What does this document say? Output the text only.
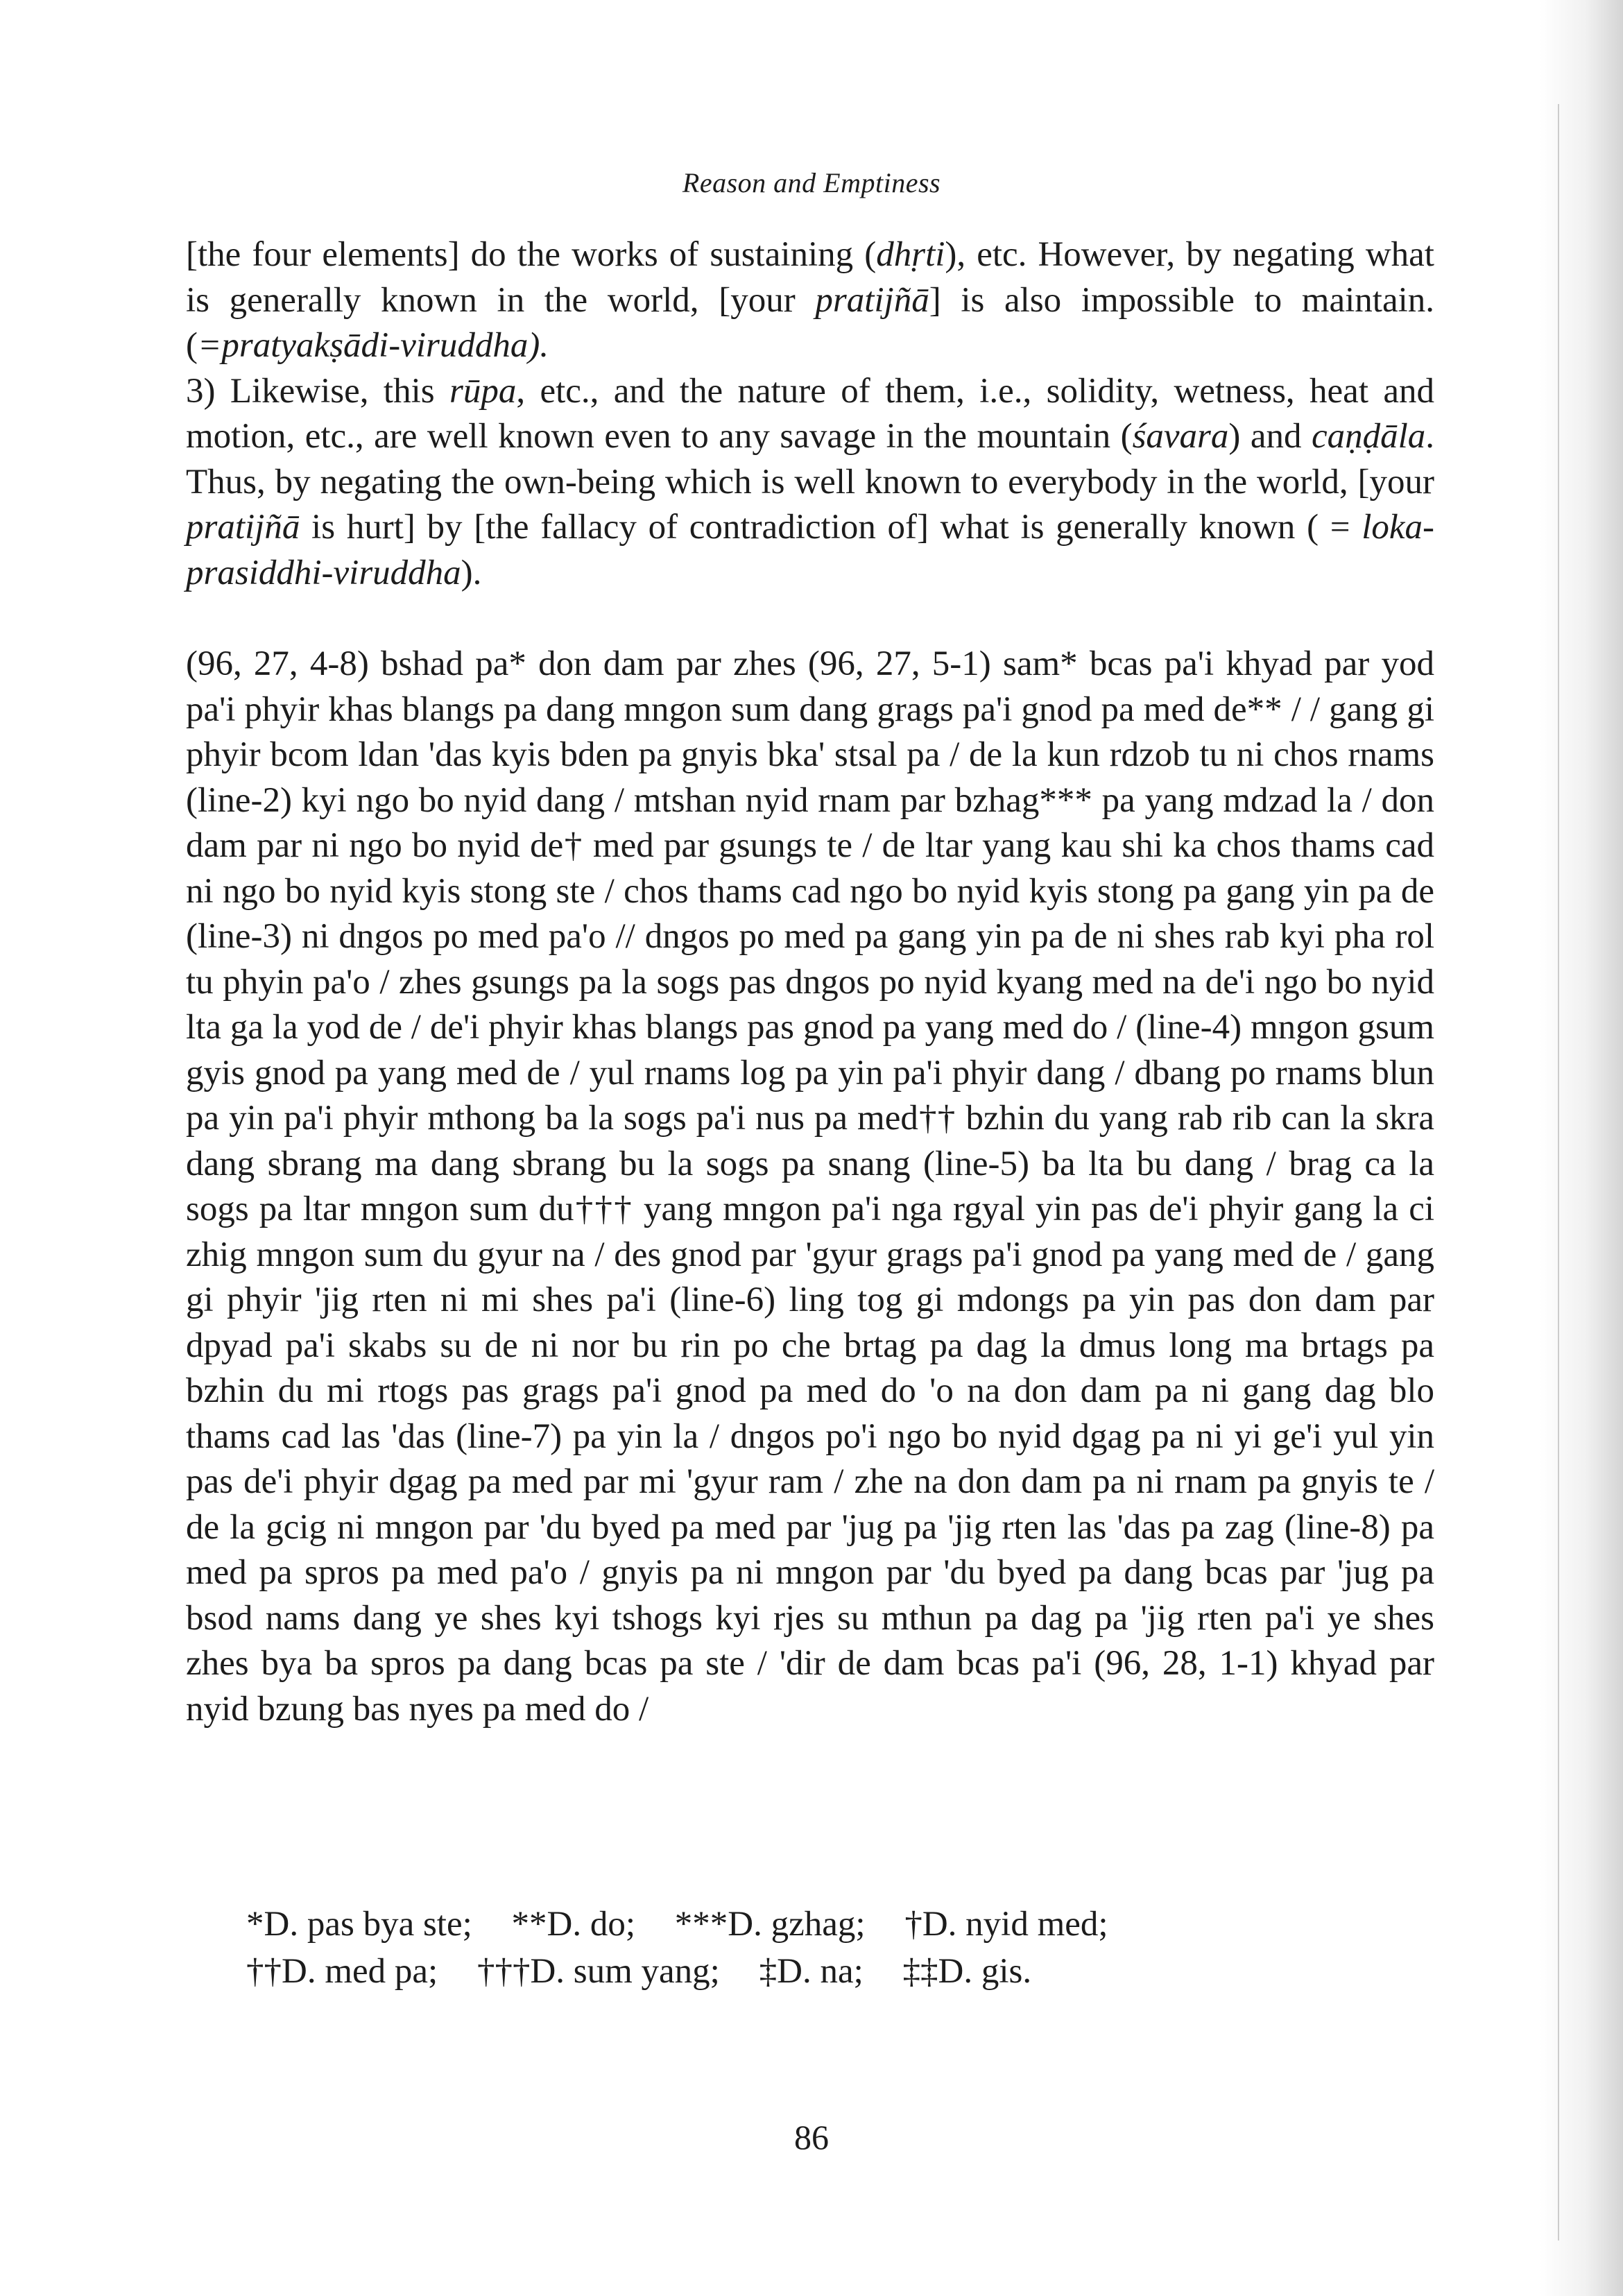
Reason and Emptiness

[the four elements] do the works of sustaining (dhṛti), etc. However, by negating what is generally known in the world, [your pratijñā] is also impossible to maintain. (=pratyakṣādi-viruddha).

3) Likewise, this rūpa, etc., and the nature of them, i.e., solidity, wetness, heat and motion, etc., are well known even to any savage in the mountain (śavara) and caṇḍāla. Thus, by negating the own-being which is well known to everybody in the world, [your pratijñā is hurt] by [the fallacy of contradiction of] what is generally known ( = loka-prasiddhi-viruddha).

(96, 27, 4-8) bshad pa* don dam par zhes (96, 27, 5-1) sam* bcas pa'i khyad par yod pa'i phyir khas blangs pa dang mngon sum dang grags pa'i gnod pa med de** / / gang gi phyir bcom ldan 'das kyis bden pa gnyis bka' stsal pa / de la kun rdzob tu ni chos rnams (line-2) kyi ngo bo nyid dang / mtshan nyid rnam par bzhag*** pa yang mdzad la / don dam par ni ngo bo nyid de† med par gsungs te / de ltar yang kau shi ka chos thams cad ni ngo bo nyid kyis stong ste / chos thams cad ngo bo nyid kyis stong pa gang yin pa de (line-3) ni dngos po med pa'o // dngos po med pa gang yin pa de ni shes rab kyi pha rol tu phyin pa'o / zhes gsungs pa la sogs pas dngos po nyid kyang med na de'i ngo bo nyid lta ga la yod de / de'i phyir khas blangs pas gnod pa yang med do / (line-4) mngon gsum gyis gnod pa yang med de / yul rnams log pa yin pa'i phyir dang / dbang po rnams blun pa yin pa'i phyir mthong ba la sogs pa'i nus pa med†† bzhin du yang rab rib can la skra dang sbrang ma dang sbrang bu la sogs pa snang (line-5) ba lta bu dang / brag ca la sogs pa ltar mngon sum du††† yang mngon pa'i nga rgyal yin pas de'i phyir gang la ci zhig mngon sum du gyur na / des gnod par 'gyur grags pa'i gnod pa yang med de / gang gi phyir 'jig rten ni mi shes pa'i (line-6) ling tog gi mdongs pa yin pas don dam par dpyad pa'i skabs su de ni nor bu rin po che brtag pa dag la dmus long ma brtags pa bzhin du mi rtogs pas grags pa'i gnod pa med do 'o na don dam pa ni gang dag blo thams cad las 'das (line-7) pa yin la / dngos po'i ngo bo nyid dgag pa ni yi ge'i yul yin pas de'i phyir dgag pa med par mi 'gyur ram / zhe na don dam pa ni rnam pa gnyis te / de la gcig ni mngon par 'du byed pa med par 'jug pa 'jig rten las 'das pa zag (line-8) pa med pa spros pa med pa'o / gnyis pa ni mngon par 'du byed pa dang bcas par 'jug pa bsod nams dang ye shes kyi tshogs kyi rjes su mthun pa dag pa 'jig rten pa'i ye shes zhes bya ba spros pa dang bcas pa ste / 'dir de dam bcas pa'i (96, 28, 1-1) khyad par nyid bzung bas nyes pa med do /

*D. pas bya ste; **D. do; ***D. gzhag; †D. nyid med;
††D. med pa; †††D. sum yang; ‡D. na; ‡‡D. gis.
86
